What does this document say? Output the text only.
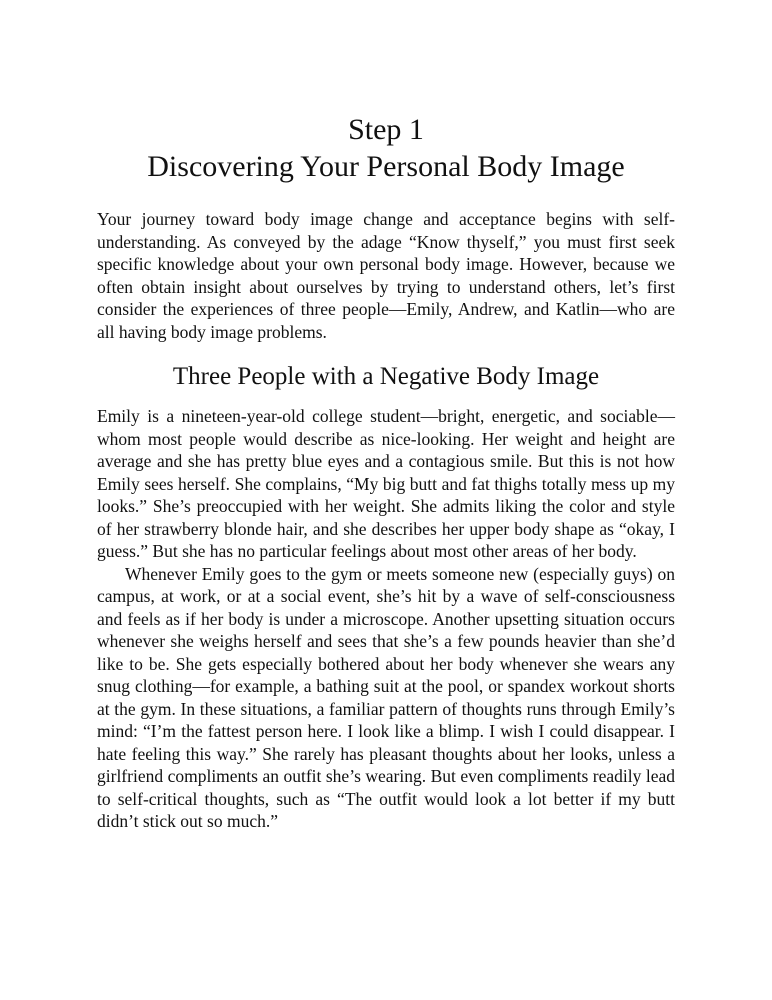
Step 1
Discovering Your Personal Body Image

Your journey toward body image change and acceptance begins with self-understanding. As conveyed by the adage “Know thyself,” you must first seek specific knowledge about your own personal body image. However, because we often obtain insight about ourselves by trying to understand others, let’s first consider the experiences of three people—Emily, Andrew, and Katlin—who are all having body image problems.

Three People with a Negative Body Image

Emily is a nineteen-year-old college student—bright, energetic, and sociable—whom most people would describe as nice-looking. Her weight and height are average and she has pretty blue eyes and a contagious smile. But this is not how Emily sees herself. She complains, “My big butt and fat thighs totally mess up my looks.” She’s preoccupied with her weight. She admits liking the color and style of her strawberry blonde hair, and she describes her upper body shape as “okay, I guess.” But she has no particular feelings about most other areas of her body.

Whenever Emily goes to the gym or meets someone new (especially guys) on campus, at work, or at a social event, she’s hit by a wave of self-consciousness and feels as if her body is under a microscope. Another upsetting situation occurs whenever she weighs herself and sees that she’s a few pounds heavier than she’d like to be. She gets especially bothered about her body whenever she wears any snug clothing—for example, a bathing suit at the pool, or spandex workout shorts at the gym. In these situations, a familiar pattern of thoughts runs through Emily’s mind: “I’m the fattest person here. I look like a blimp. I wish I could disappear. I hate feeling this way.” She rarely has pleasant thoughts about her looks, unless a girlfriend compliments an outfit she’s wearing. But even compliments readily lead to self-critical thoughts, such as “The outfit would look a lot better if my butt didn’t stick out so much.”
